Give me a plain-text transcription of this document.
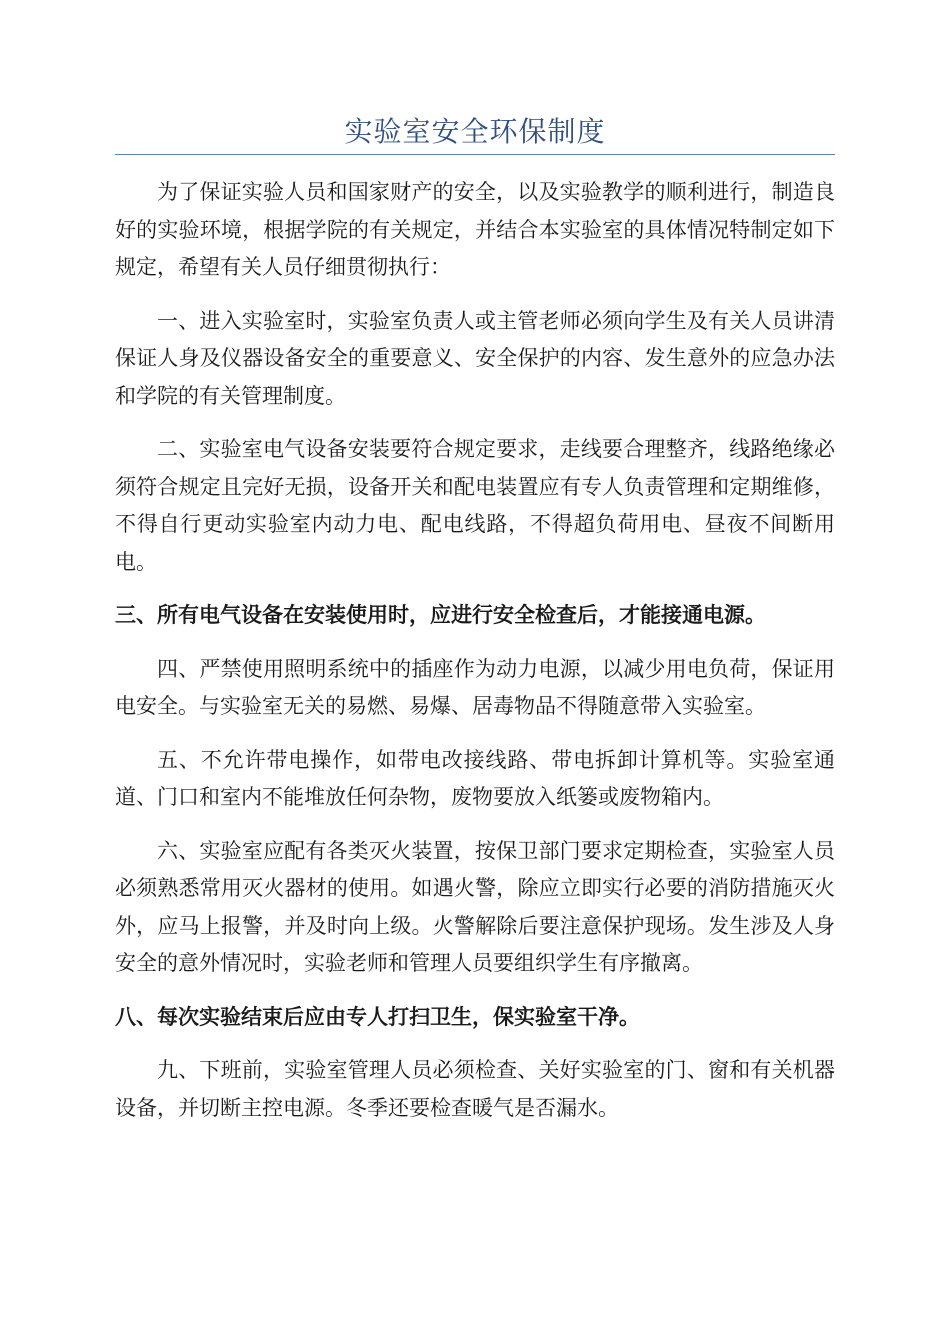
实验室安全环保制度

为了保证实验人员和国家财产的安全，以及实验教学的顺利进行，制造良好的实验环境，根据学院的有关规定，并结合本实验室的具体情况特制定如下规定，希望有关人员仔细贯彻执行：

一、进入实验室时，实验室负责人或主管老师必须向学生及有关人员讲清保证人身及仪器设备安全的重要意义、安全保护的内容、发生意外的应急办法和学院的有关管理制度。

二、实验室电气设备安装要符合规定要求，走线要合理整齐，线路绝缘必须符合规定且完好无损，设备开关和配电装置应有专人负责管理和定期维修，不得自行更动实验室内动力电、配电线路，不得超负荷用电、昼夜不间断用电。

三、所有电气设备在安装使用时，应进行安全检查后，才能接通电源。

四、严禁使用照明系统中的插座作为动力电源，以减少用电负荷，保证用电安全。与实验室无关的易燃、易爆、居毒物品不得随意带入实验室。

五、不允许带电操作，如带电改接线路、带电拆卸计算机等。实验室通道、门口和室内不能堆放任何杂物，废物要放入纸篓或废物箱内。

六、实验室应配有各类灭火装置，按保卫部门要求定期检查，实验室人员必须熟悉常用灭火器材的使用。如遇火警，除应立即实行必要的消防措施灭火外，应马上报警，并及时向上级。火警解除后要注意保护现场。发生涉及人身安全的意外情况时，实验老师和管理人员要组织学生有序撤离。

八、每次实验结束后应由专人打扫卫生，保实验室干净。

九、下班前，实验室管理人员必须检查、关好实验室的门、窗和有关机器设备，并切断主控电源。冬季还要检查暖气是否漏水。
